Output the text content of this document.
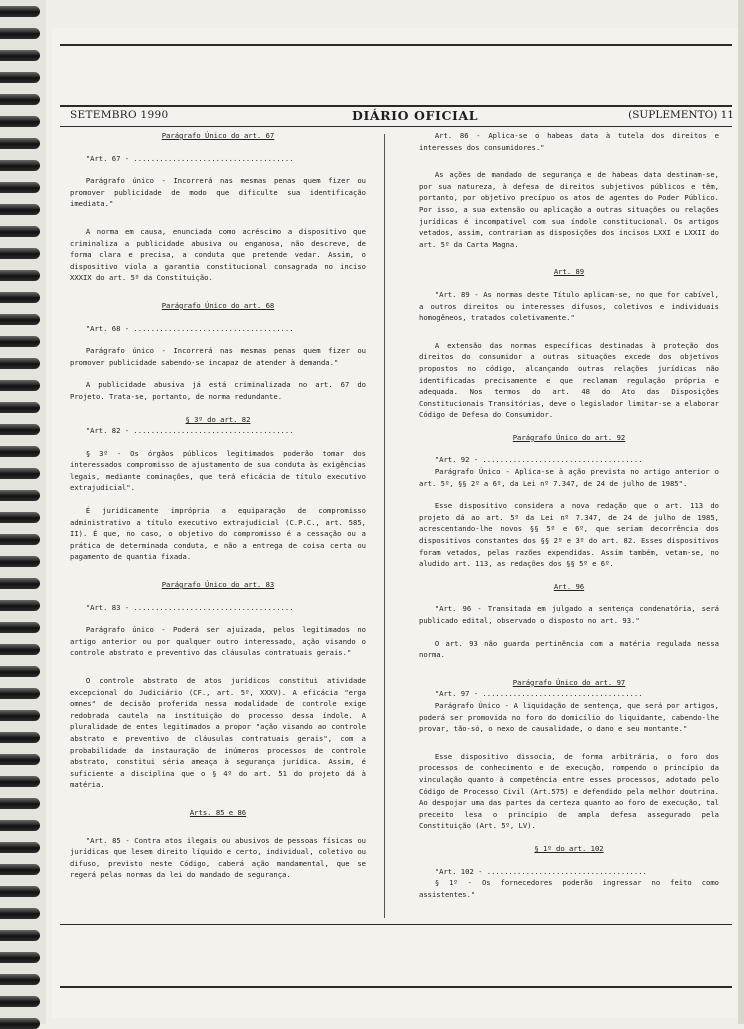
SETEMBRO 1990	DIÁRIO OFICIAL	(SUPLEMENTO) 11

Parágrafo Único do art. 67

"Art. 67 - .....................................

Parágrafo único - Incorrerá nas mesmas penas quem fizer ou promover publicidade de modo que dificulte sua identificação imediata."

A norma em causa, enunciada como acréscimo a dispositivo que criminaliza a publicidade abusiva ou enganosa, não descreve, de forma clara e precisa, a conduta que pretende vedar. Assim, o dispositivo viola a garantia constitucional consagrada no inciso XXXIX do art. 5º da Constituição.

Parágrafo Único do art. 68

"Art. 68 - .....................................

Parágrafo único - Incorrerá nas mesmas penas quem fizer ou promover publicidade sabendo-se incapaz de atender à demanda."

A publicidade abusiva já está criminalizada no art. 67 do Projeto. Trata-se, portanto, de norma redundante.

§ 3º do art. 82

"Art. 82 - .....................................

§ 3º - Os órgãos públicos legitimados poderão tomar dos interessados compromisso de ajustamento de sua conduta às exigências legais, mediante cominações, que terá eficácia de título executivo extrajudicial".

É juridicamente imprópria a equiparação de compromisso administrativo a título executivo extrajudicial (C.P.C., art. 585, II). É que, no caso, o objetivo do compromisso é a cessação ou a prática de determinada conduta, e não a entrega de coisa certa ou pagamento de quantia fixada.

Parágrafo Único do art. 83

"Art. 83 - .....................................

Parágrafo único - Poderá ser ajuizada, pelos legitimados no artigo anterior ou por qualquer outro interessado, ação visando o controle abstrato e preventivo das cláusulas contratuais gerais."

O controle abstrato de atos jurídicos constitui atividade excepcional do Judiciário (CF., art. 5º, XXXV). A eficácia "erga omnes" de decisão proferida nessa modalidade de controle exige redobrada cautela na instituição do processo dessa índole. A pluralidade de entes legitimados a propor "ação visando ao controle abstrato e preventivo de cláusulas contratuais gerais", com a probabilidade da instauração de inúmeros processos de controle abstrato, constitui séria ameaça à segurança jurídica. Assim, é suficiente a disciplina que o § 4º do art. 51 do projeto dá à matéria.

Arts. 85 e 86

"Art. 85 - Contra atos ilegais ou abusivos de pessoas físicas ou jurídicas que lesem direito líquido e certo, individual, coletivo ou difuso, previsto neste Código, caberá ação mandamental, que se regerá pelas normas da lei do mandado de segurança.

Art. 86 - Aplica-se o habeas data à tutela dos direitos e interesses dos consumidores."

As ações de mandado de segurança e de habeas data destinam-se, por sua natureza, à defesa de direitos subjetivos públicos e têm, portanto, por objetivo precípuo os atos de agentes do Poder Público. Por isso, a sua extensão ou aplicação a outras situações ou relações jurídicas é incompatível com sua índole constitucional. Os artigos vetados, assim, contrariam as disposições dos incisos LXXI e LXXII do art. 5º da Carta Magna.

Art. 89

"Art. 89 - As normas deste Título aplicam-se, no que for cabível, a outros direitos ou interesses difusos, coletivos e individuais homogêneos, tratados coletivamente."

A extensão das normas específicas destinadas à proteção dos direitos do consumidor a outras situações excede dos objetivos propostos no código, alcançando outras relações jurídicas não identificadas precisamente e que reclamam regulação própria e adequada. Nos termos do art. 48 do Ato das Disposições Constitucionais Transitórias, deve o legislador limitar-se a elaborar Código de Defesa do Consumidor.

Parágrafo Único do art. 92

"Art. 92 - .....................................

Parágrafo Único - Aplica-se à ação prevista no artigo anterior o art. 5º, §§ 2º a 6º, da Lei nº 7.347, de 24 de julho de 1985".

Esse dispositivo considera a nova redação que o art. 113 do projeto dá ao art. 5º da Lei nº 7.347, de 24 de julho de 1985, acrescentando-lhe novos §§ 5º e 6º, que seriam decorrência dos dispositivos constantes dos §§ 2º e 3º do art. 82. Esses dispositivos foram vetados, pelas razões expendidas. Assim também, vetam-se, no aludido art. 113, as redações dos §§ 5º e 6º.

Art. 96

"Art. 96 - Transitada em julgado a sentença condenatória, será publicado edital, observado o disposto no art. 93."

O art. 93 não guarda pertinência com a matéria regulada nessa norma.

Parágrafo Único do art. 97

"Art. 97 - .....................................

Parágrafo Único - A liquidação de sentença, que será por artigos, poderá ser promovida no foro do domicílio do liquidante, cabendo-lhe provar, tão-só, o nexo de causalidade, o dano e seu montante."

Esse dispositivo dissocia, de forma arbitrária, o foro dos processos de conhecimento e de execução, rompendo o princípio da vinculação quanto à competência entre esses processos, adotado pelo Código de Processo Civil (Art.575) e defendido pela melhor doutrina. Ao despojar uma das partes da certeza quanto ao foro de execução, tal preceito lesa o princípio de ampla defesa assegurado pela Constituição (Art. 5º, LV).

§ 1º do art. 102

"Art. 102 - .....................................

§ 1º - Os fornecedores poderão ingressar no feito como assistentes."
